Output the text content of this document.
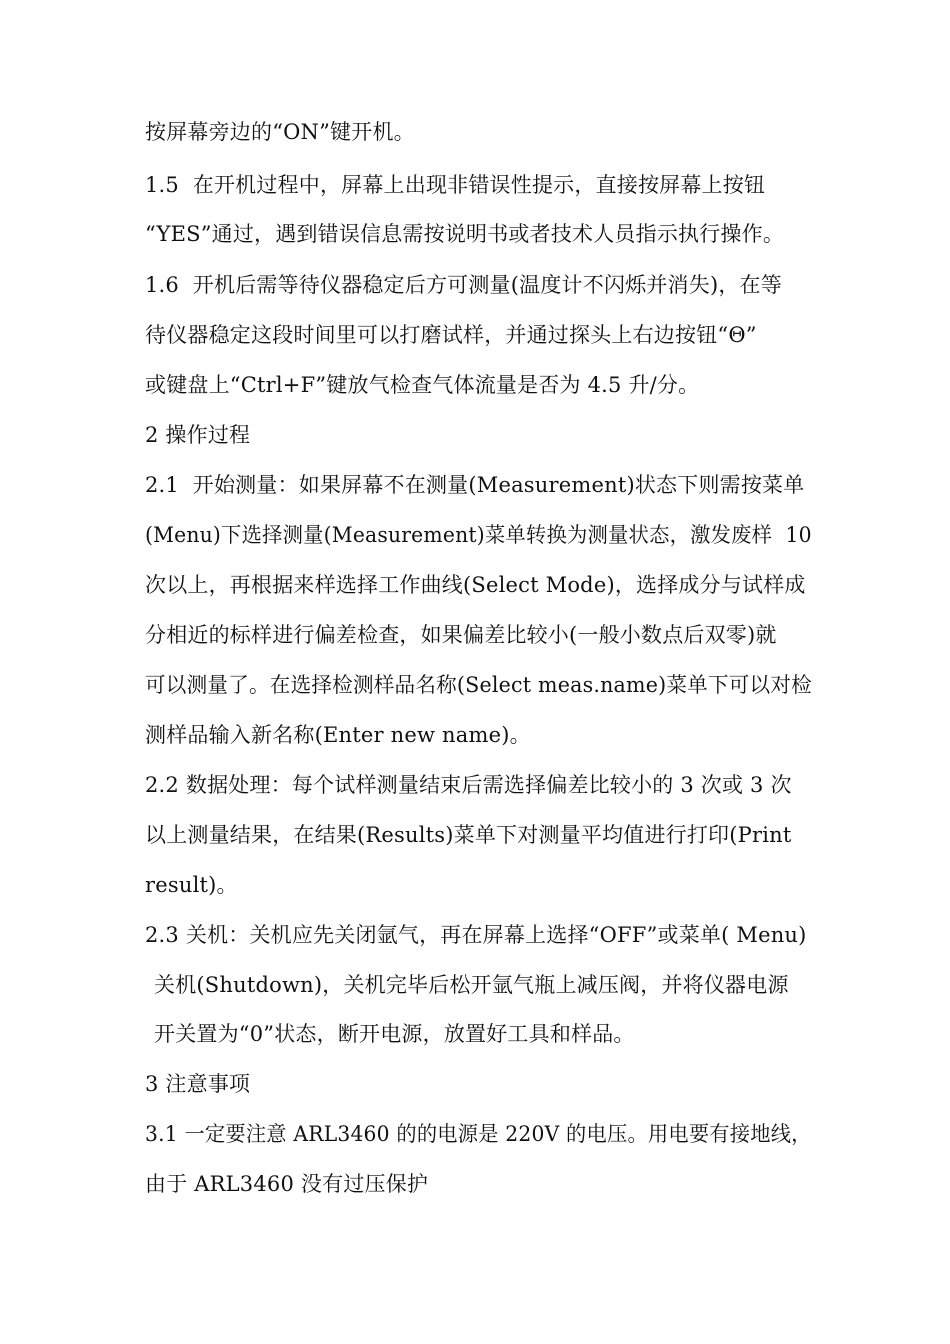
按屏幕旁边的“ON”键开机。
1.5  在开机过程中，屏幕上出现非错误性提示，直接按屏幕上按钮
“YES”通过，遇到错误信息需按说明书或者技术人员指示执行操作。
1.6  开机后需等待仪器稳定后方可测量(温度计不闪烁并消失)，在等
待仪器稳定这段时间里可以打磨试样，并通过探头上右边按钮“Θ”
或键盘上“Ctrl+F”键放气检查气体流量是否为 4.5 升/分。
2 操作过程
2.1  开始测量：如果屏幕不在测量(Measurement)状态下则需按菜单
(Menu)下选择测量(Measurement)菜单转换为测量状态，激发废样  10
次以上，再根据来样选择工作曲线(Select Mode)，选择成分与试样成
分相近的标样进行偏差检查，如果偏差比较小(一般小数点后双零)就
可以测量了。在选择检测样品名称(Select meas.name)菜单下可以对检
测样品输入新名称(Enter new name)。
2.2 数据处理：每个试样测量结束后需选择偏差比较小的 3 次或 3 次
以上测量结果，在结果(Results)菜单下对测量平均值进行打印(Print
result)。
2.3 关机：关机应先关闭氩气，再在屏幕上选择“OFF”或菜单( Menu)
关机(Shutdown)，关机完毕后松开氩气瓶上减压阀，并将仪器电源
开关置为“0”状态，断开电源，放置好工具和样品。
3 注意事项
3.1 一定要注意 ARL3460 的的电源是 220V 的电压。用电要有接地线，
由于 ARL3460 没有过压保护
